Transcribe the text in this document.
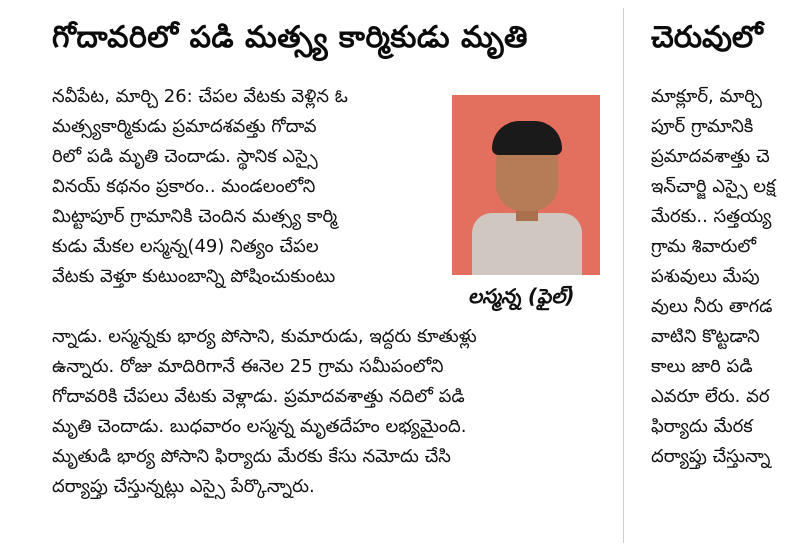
గోదావరిలో పడి మత్స్య కార్మికుడు మృతి
నవీపేట, మార్చి 26: చేపల వేటకు వెళ్లిన ఓ
మత్స్యకార్మికుడు ప్రమాదశవత్తు గోదావ
రిలో పడి మృతి చెందాడు. స్థానిక ఎస్సై
వినయ్ కథనం ప్రకారం.. మండలంలోని
మిట్టాపూర్ గ్రామానికి చెందిన మత్స్య కార్మి
కుడు మేకల లస్మన్న(49) నిత్యం చేపల
వేటకు వెళ్తూ కుటుంబాన్ని పోషించుకుంటు
లస్మన్న (ఫైల్)
న్నాడు. లస్మన్నకు భార్య పోసాని, కుమారుడు, ఇద్దరు కూతుళ్లు
ఉన్నారు. రోజు మాదిరిగానే ఈనెల 25 గ్రామ సమీపంలోని
గోదావరికి చేపలు వేటకు వెళ్లాడు. ప్రమాదవశాత్తు నదిలో పడి
మృతి చెందాడు. బుధవారం లస్మన్న మృతదేహం లభ్యమైంది.
మృతుడి భార్య పోసాని ఫిర్యాదు మేరకు కేసు నమోదు చేసి
దర్యాప్తు చేస్తున్నట్లు ఎస్సై పేర్కొన్నారు.
చెరువులో
మాక్లూర్, మార్చి
పూర్ గ్రామానికి
ప్రమాదవశాత్తు చె
ఇన్‌చార్జి ఎస్సై లక్ష
మేరకు.. సత్తయ్య
గ్రామ శివారులో
పశువులు మేపు
వులు నీరు తాగడ
వాటిని కొట్టడాని
కాలు జారి పడి
ఎవరూ లేరు. వర
ఫిర్యాదు మేరక
దర్యాప్తు చేస్తున్నా
